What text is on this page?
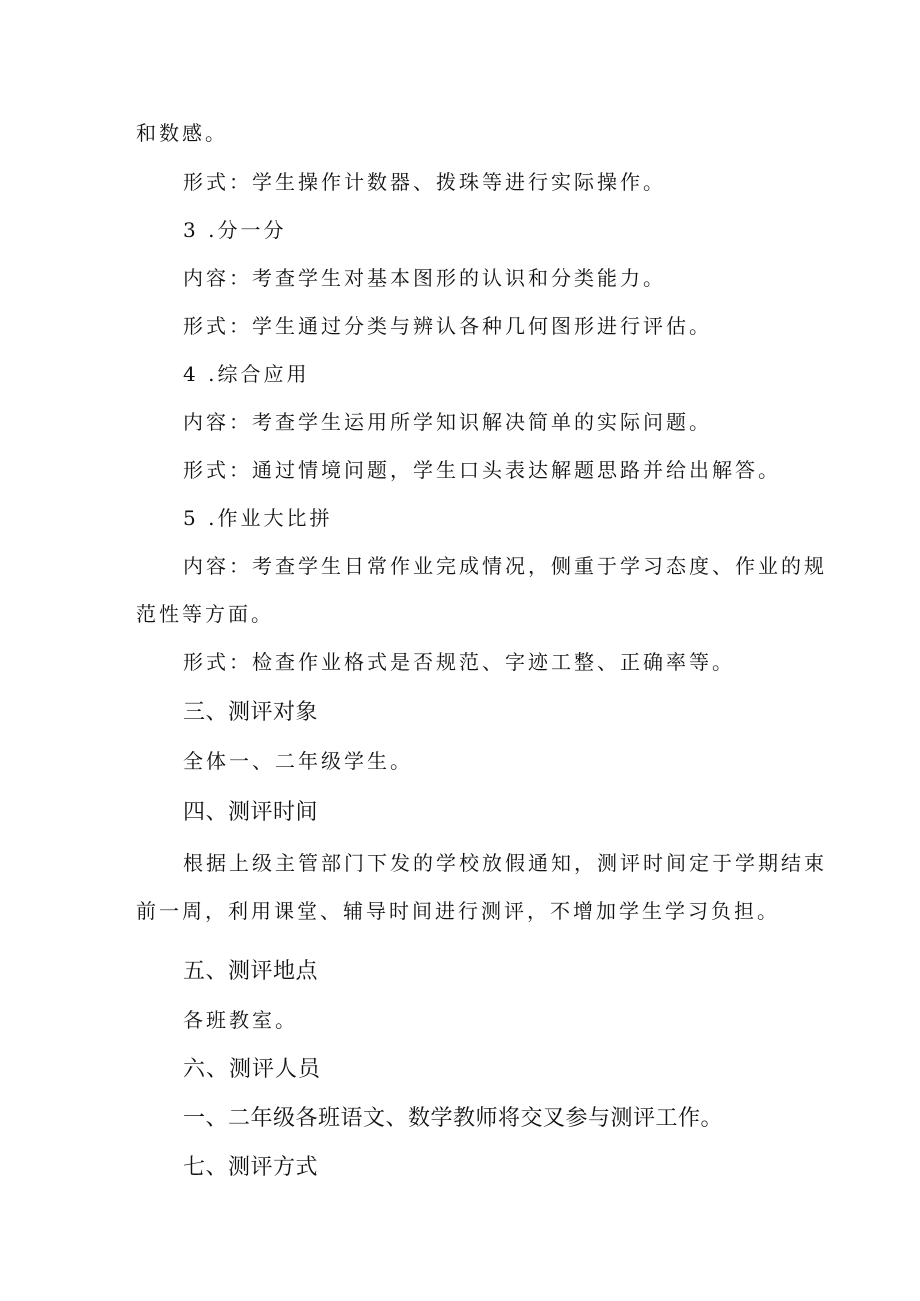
和数感。
形式：学生操作计数器、拨珠等进行实际操作。
3 .分一分
内容：考查学生对基本图形的认识和分类能力。
形式：学生通过分类与辨认各种几何图形进行评估。
4 .综合应用
内容：考查学生运用所学知识解决简单的实际问题。
形式：通过情境问题，学生口头表达解题思路并给出解答。
5 .作业大比拼
内容：考查学生日常作业完成情况，侧重于学习态度、作业的规
范性等方面。
形式：检查作业格式是否规范、字迹工整、正确率等。
三、测评对象
全体一、二年级学生。
四、测评时间
根据上级主管部门下发的学校放假通知，测评时间定于学期结束
前一周，利用课堂、辅导时间进行测评，不增加学生学习负担。
五、测评地点
各班教室。
六、测评人员
一、二年级各班语文、数学教师将交叉参与测评工作。
七、测评方式
